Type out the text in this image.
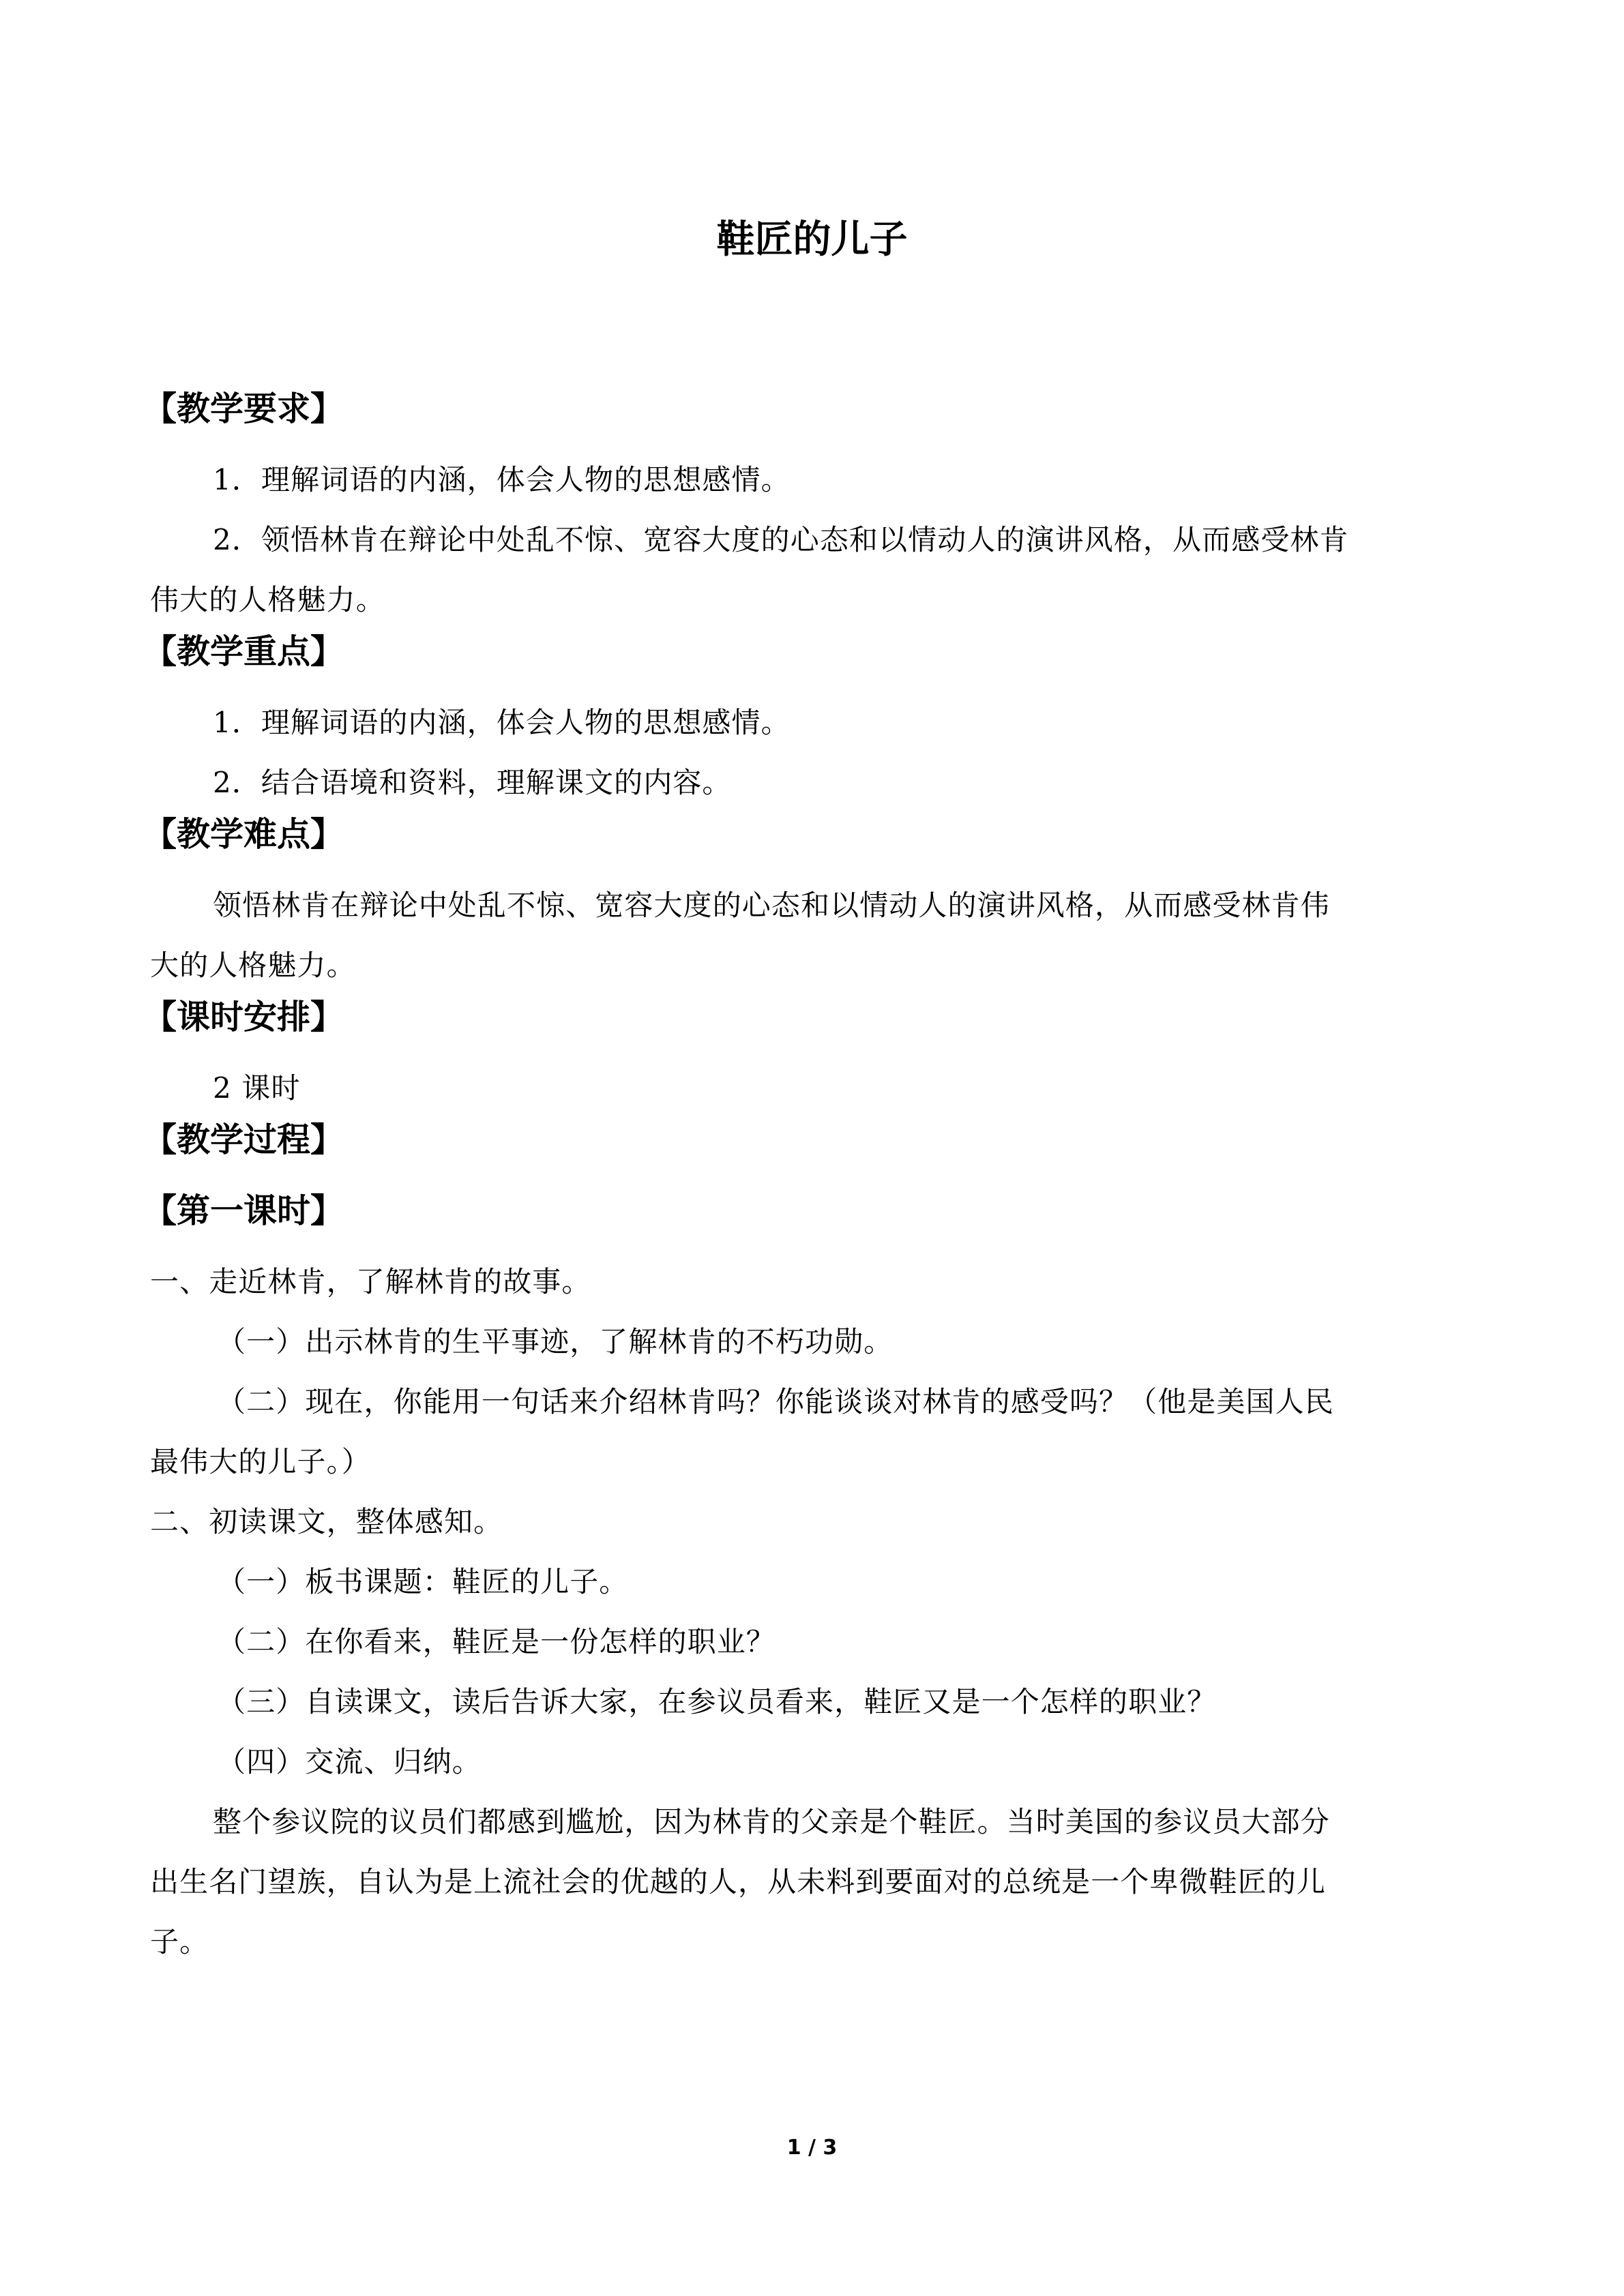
鞋匠的儿子
【教学要求】
1．理解词语的内涵，体会人物的思想感情。
2．领悟林肯在辩论中处乱不惊、宽容大度的心态和以情动人的演讲风格，从而感受林肯
伟大的人格魅力。
【教学重点】
1．理解词语的内涵，体会人物的思想感情。
2．结合语境和资料，理解课文的内容。
【教学难点】
领悟林肯在辩论中处乱不惊、宽容大度的心态和以情动人的演讲风格，从而感受林肯伟
大的人格魅力。
【课时安排】
2 课时
【教学过程】
【第一课时】
一、走近林肯，了解林肯的故事。
（一）出示林肯的生平事迹，了解林肯的不朽功勋。
（二）现在，你能用一句话来介绍林肯吗？你能谈谈对林肯的感受吗？（他是美国人民
最伟大的儿子。）
二、初读课文，整体感知。
（一）板书课题：鞋匠的儿子。
（二）在你看来，鞋匠是一份怎样的职业？
（三）自读课文，读后告诉大家，在参议员看来，鞋匠又是一个怎样的职业？
（四）交流、归纳。
整个参议院的议员们都感到尴尬，因为林肯的父亲是个鞋匠。当时美国的参议员大部分
出生名门望族，自认为是上流社会的优越的人，从未料到要面对的总统是一个卑微鞋匠的儿
子。
1 / 3
